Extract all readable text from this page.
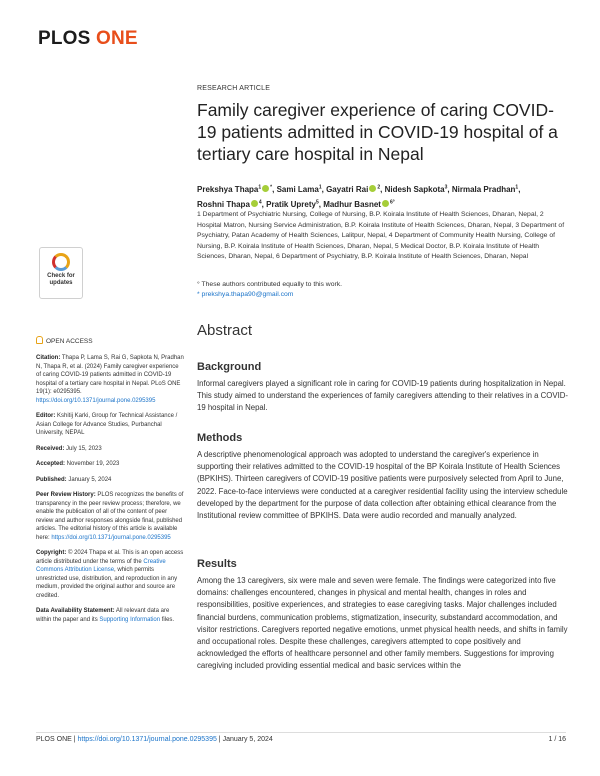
PLOS ONE
RESEARCH ARTICLE
Family caregiver experience of caring COVID-19 patients admitted in COVID-19 hospital of a tertiary care hospital in Nepal
Prekshya Thapa$^1$ *, Sami Lama$^1$, Gayatri Rai $^2$, Nidesh Sapkota$^3$, Nirmala Pradhan$^1$, Roshni Thapa $^4$, Pratik Uprety$^5$, Madhur Basnet $^{6^\circ}$
1 Department of Psychiatric Nursing, College of Nursing, B.P. Koirala Institute of Health Sciences, Dharan, Nepal, 2 Hospital Matron, Nursing Service Administration, B.P. Koirala Institute of Health Sciences, Dharan, Nepal, 3 Department of Psychiatry, Patan Academy of Health Sciences, Lalitpur, Nepal, 4 Department of Community Health Nursing, College of Nursing, B.P. Koirala Institute of Health Sciences, Dharan, Nepal, 5 Medical Doctor, B.P. Koirala Institute of Health Sciences, Dharan, Nepal, 6 Department of Psychiatry, B.P. Koirala Institute of Health Sciences, Dharan, Nepal
° These authors contributed equally to this work.
* prekshya.thapa90@gmail.com
Abstract
Background

Informal caregivers played a significant role in caring for COVID-19 patients during hospitalization in Nepal. This study aimed to understand the experiences of family caregivers attending to their relatives in a COVID-19 hospital in Nepal.

Methods

A descriptive phenomenological approach was adopted to understand the caregiver's experience in supporting their relatives admitted to the COVID-19 hospital of the BP Koirala Institute of Health Sciences (BPKIHS). Thirteen caregivers of COVID-19 positive patients were purposively selected from April to June, 2022. Face-to-face interviews were conducted at a caregiver residential facility using the interview schedule developed by the department for the purpose of data collection after obtaining ethical clearance from the Institutional review committee of BPKIHS. Data were audio recorded and manually analyzed.

Results

Among the 13 caregivers, six were male and seven were female. The findings were categorized into five domains: challenges encountered, changes in physical and mental health, changes in roles and responsibilities, positive experiences, and strategies to ease caregiving tasks. Major challenges included financial burdens, communication problems, stigmatization, insecurity, substandard accommodation, and visitor restrictions. Caregivers reported negative emotions, unmet physical health needs, and shifts in family and occupational roles. Despite these challenges, caregivers attempted to cope positively and acknowledged the efforts of healthcare personnel and other family members. Suggestions for improving caregiving included providing essential medical and basic services within the

Check for
updates
OPEN ACCESS
Citation: Thapa P, Lama S, Rai G, Sapkota N, Pradhan N, Thapa R, et al. (2024) Family caregiver experience of caring COVID-19 patients admitted in COVID-19 hospital of a tertiary care hospital in Nepal. PLoS ONE 19(1): e0295395. https://doi.org/10.1371/journal.pone.0295395
Editor: Kshitij Karki, Group for Technical Assistance / Asian College for Advance Studies, Purbanchal University, NEPAL
Received: July 15, 2023
Accepted: November 19, 2023
Published: January 5, 2024
Peer Review History: PLOS recognizes the benefits of transparency in the peer review process; therefore, we enable the publication of all of the content of peer review and author responses alongside final, published articles. The editorial history of this article is available here: https://doi.org/10.1371/journal.pone.0295395
Copyright: © 2024 Thapa et al. This is an open access article distributed under the terms of the Creative Commons Attribution License, which permits unrestricted use, distribution, and reproduction in any medium, provided the original author and source are credited.
Data Availability Statement: All relevant data are within the paper and its Supporting Information files.
PLOS ONE | https://doi.org/10.1371/journal.pone.0295395 | January 5, 2024	1 / 16
